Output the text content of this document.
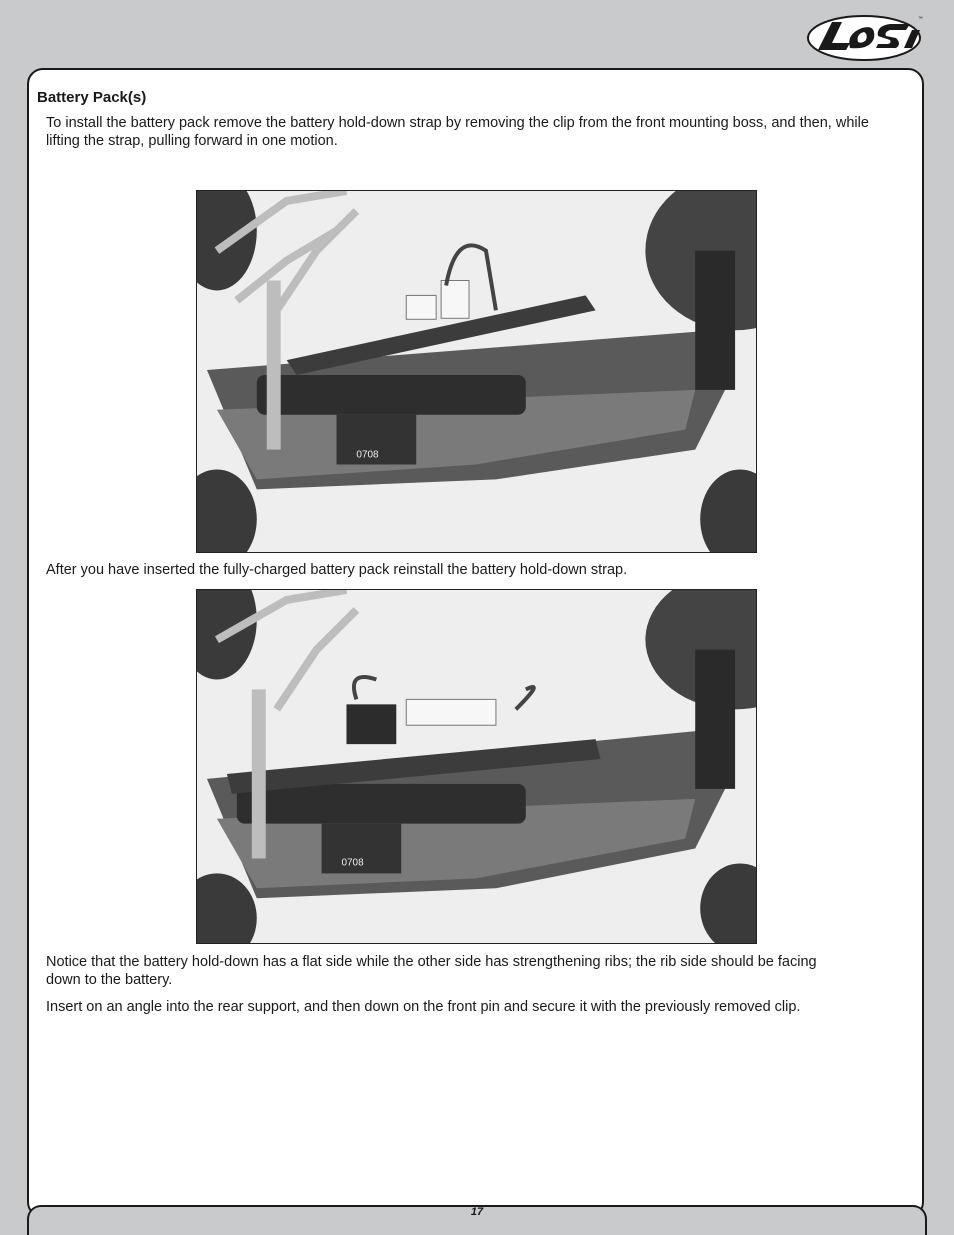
™
Battery Pack(s)

To install the battery pack remove the battery hold-down strap by removing the clip from the front mounting boss, and then, while lifting the strap, pulling forward in one motion.

0708

After you have inserted the fully-charged battery pack reinstall the battery hold-down strap.

0708

Notice that the battery hold-down has a flat side while the other side has strengthening ribs; the rib side should be facing down to the battery.

Insert on an angle into the rear support, and then down on the front pin and secure it with the previously removed clip.

17
